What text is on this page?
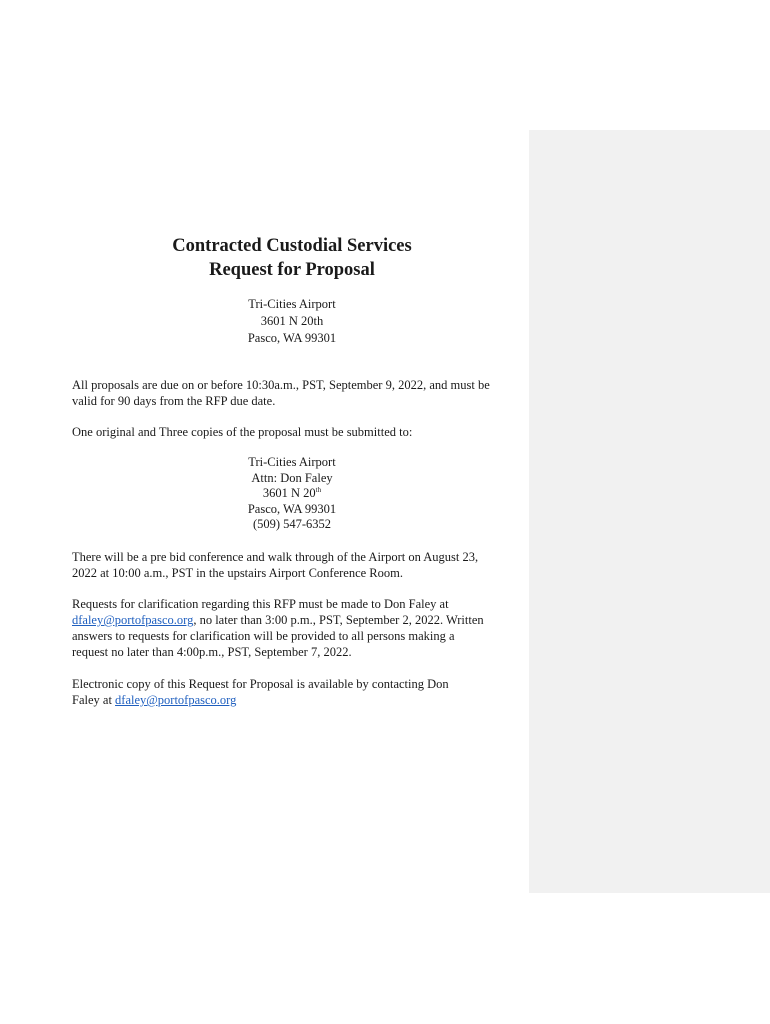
Contracted Custodial Services

Request for Proposal

Tri-Cities Airport
3601 N 20th
Pasco, WA 99301
All proposals are due on or before 10:30a.m., PST, September 9, 2022, and must be
valid for 90 days from the RFP due date.
One original and Three copies of the proposal must be submitted to:
Tri-Cities Airport
Attn: Don Faley
3601 N 20th
Pasco, WA 99301
(509) 547-6352
There will be a pre bid conference and walk through of the Airport on August 23,
2022 at 10:00 a.m., PST in the upstairs Airport Conference Room.
Requests for clarification regarding this RFP must be made to Don Faley at
dfaley@portofpasco.org, no later than 3:00 p.m., PST, September 2, 2022. Written
answers to requests for clarification will be provided to all persons making a
request no later than 4:00p.m., PST, September 7, 2022.
Electronic copy of this Request for Proposal is available by contacting Don
Faley at dfaley@portofpasco.org
